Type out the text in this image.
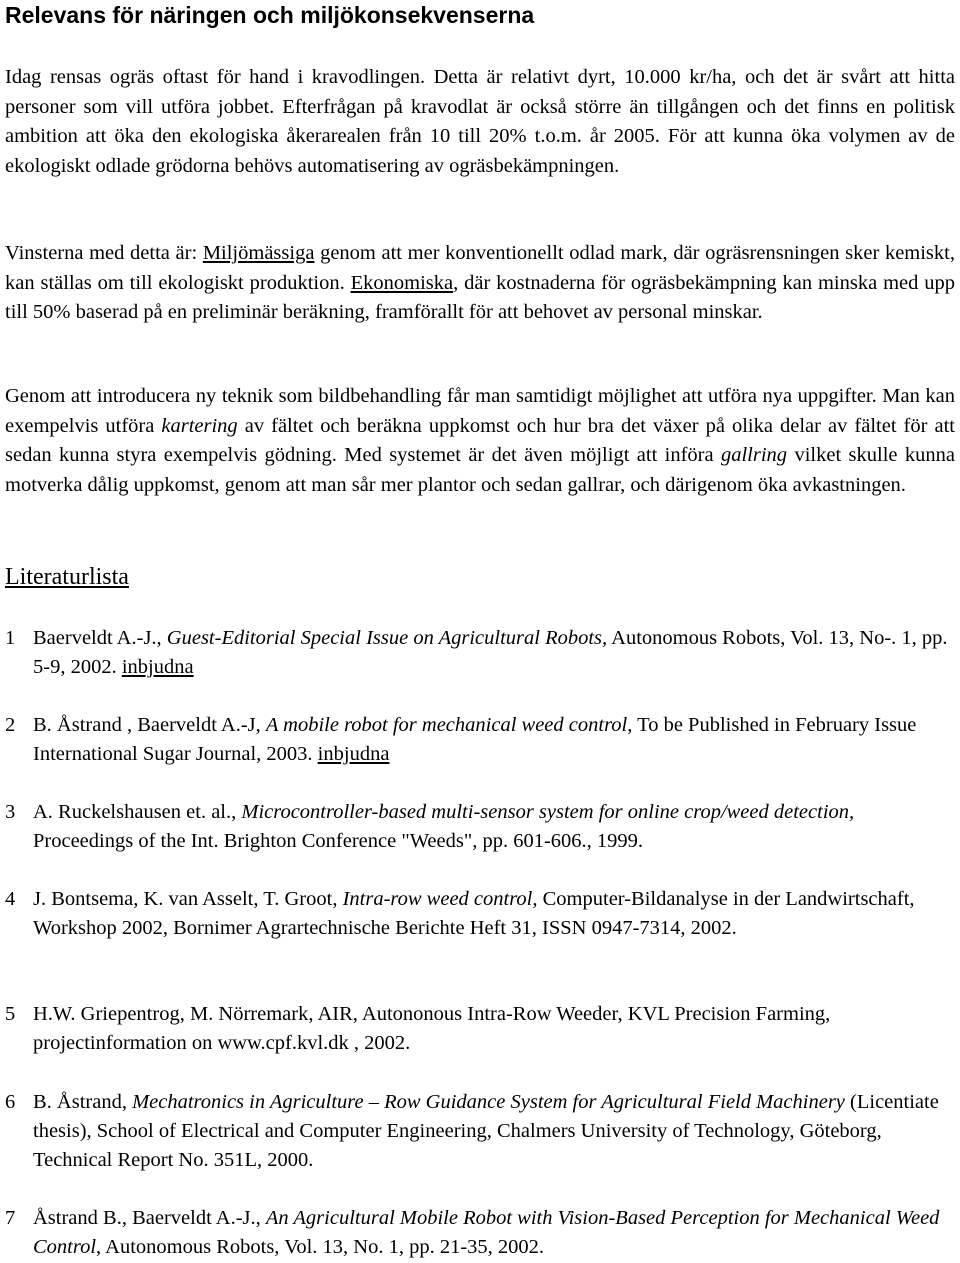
Relevans för näringen och miljökonsekvenserna

Idag rensas ogräs oftast för hand i kravodlingen. Detta är relativt dyrt, 10.000 kr/ha, och det är svårt att hitta personer som vill utföra jobbet. Efterfrågan på kravodlat är också större än tillgången och det finns en politisk ambition att öka den ekologiska åkerarealen från 10 till 20% t.o.m. år 2005. För att kunna öka volymen av de ekologiskt odlade grödorna behövs automatisering av ogräsbekämpningen.

Vinsterna med detta är: Miljömässiga genom att mer konventionellt odlad mark, där ogräsrensningen sker kemiskt, kan ställas om till ekologiskt produktion. Ekonomiska, där kostnaderna för ogräsbekämpning kan minska med upp till 50% baserad på en preliminär beräkning, framförallt för att behovet av personal minskar.

Genom att introducera ny teknik som bildbehandling får man samtidigt möjlighet att utföra nya uppgifter. Man kan exempelvis utföra kartering av fältet och beräkna uppkomst och hur bra det växer på olika delar av fältet för att sedan kunna styra exempelvis gödning. Med systemet är det även möjligt att införa gallring vilket skulle kunna motverka dålig uppkomst, genom att man sår mer plantor och sedan gallrar, och därigenom öka avkastningen.

Literaturlista
1 Baerveldt A.-J., Guest-Editorial Special Issue on Agricultural Robots, Autonomous Robots, Vol. 13, No-. 1, pp. 5-9, 2002. inbjudna
2 B. Åstrand , Baerveldt A.-J, A mobile robot for mechanical weed control, To be Published in February Issue International Sugar Journal, 2003. inbjudna
3 A. Ruckelshausen et. al., Microcontroller-based multi-sensor system for online crop/weed detection, Proceedings of the Int. Brighton Conference "Weeds", pp. 601-606., 1999.
4 J. Bontsema, K. van Asselt, T. Groot, Intra-row weed control, Computer-Bildanalyse in der Landwirtschaft, Workshop 2002, Bornimer Agrartechnische Berichte Heft 31, ISSN 0947-7314, 2002.
5 H.W. Griepentrog, M. Nörremark, AIR, Autononous Intra-Row Weeder, KVL Precision Farming, projectinformation on www.cpf.kvl.dk , 2002.
6 B. Åstrand, Mechatronics in Agriculture – Row Guidance System for Agricultural Field Machinery (Licentiate thesis), School of Electrical and Computer Engineering, Chalmers University of Technology, Göteborg, Technical Report No. 351L, 2000.
7 Åstrand B., Baerveldt A.-J., An Agricultural Mobile Robot with Vision-Based Perception for Mechanical Weed Control, Autonomous Robots, Vol. 13, No. 1, pp. 21-35, 2002.
